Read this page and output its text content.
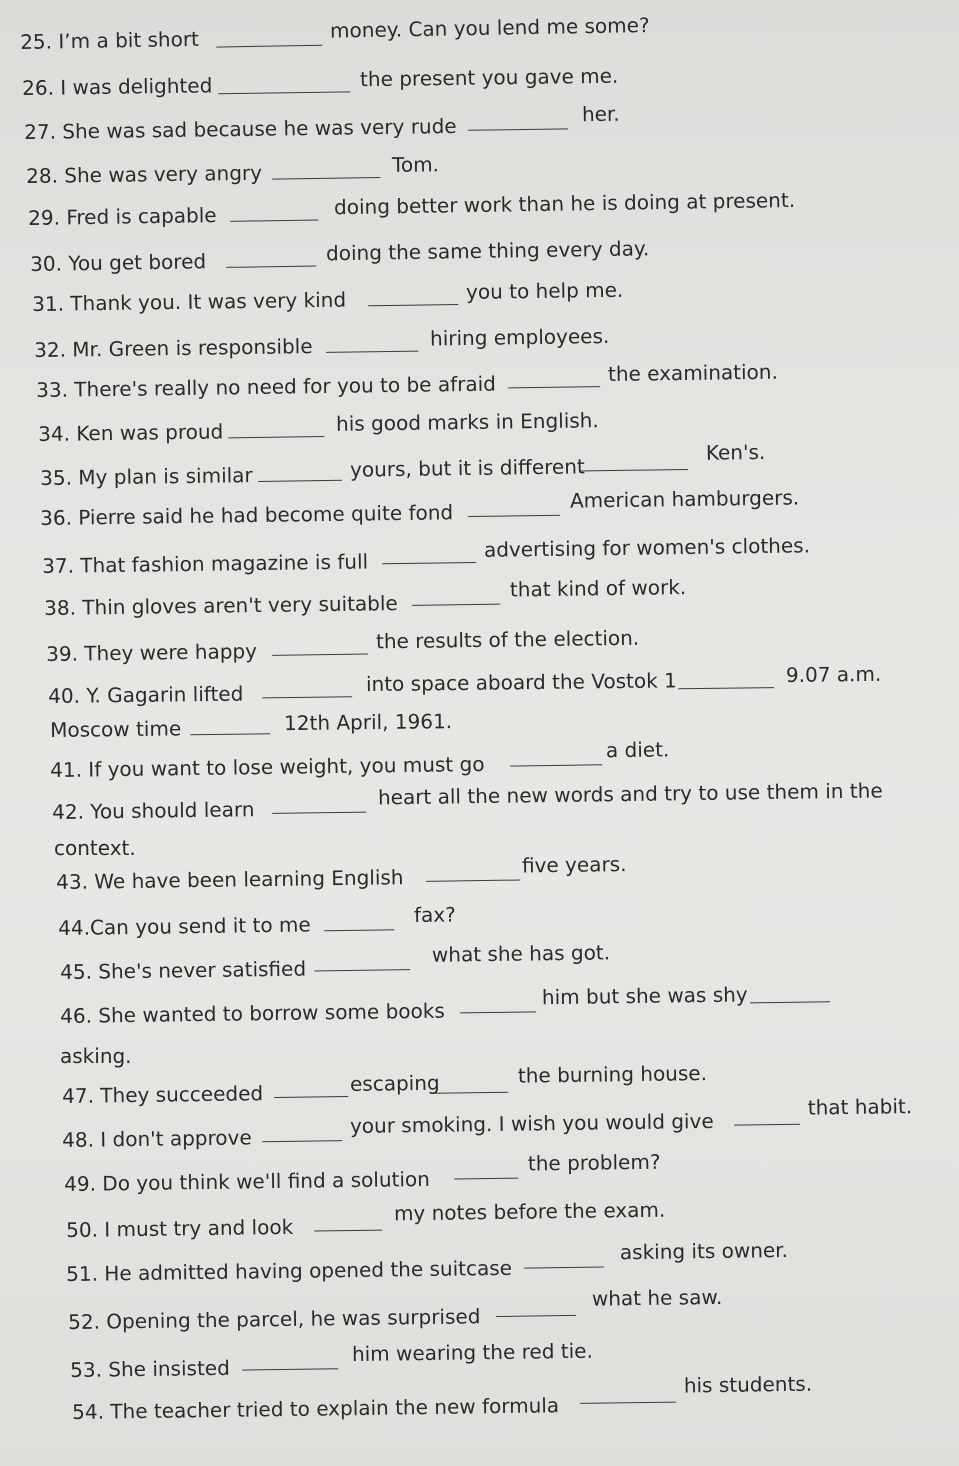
25. I’m a bit short	money. Can you lend me some?
26. I was delighted	the present you gave me.
27. She was sad because he was very rude
her.
28. She was very angry	Tom.
29. Fred is capable	doing better work than he is doing at present.
30. You get bored	doing the same thing every day.
31. Thank you. It was very kind	you to help me.
32. Mr. Green is responsible	hiring employees.
33. There's really no need for you to be afraid	the examination.
34. Ken was proud	his good marks in English.
35. My plan is similar	yours, but it is different
Ken's.
36. Pierre said he had become quite fond
American hamburgers.
37. That fashion magazine is full
advertising for women's clothes.
38. Thin gloves aren't very suitable
that kind of work.
39. They were happy	the results of the election.
40. Y. Gagarin lifted	into space aboard the Vostok 1	9.07 a.m.
Moscow time	12th April, 1961.
41. If you want to lose weight, you must go
a diet.
42. You should learn
heart all the new words and try to use them in the
context.
43. We have been learning English
five years.
44.Can you send it to me	fax?
45. She's never satisfied
what she has got.
46. She wanted to borrow some books
him but she was shy
asking.
47. They succeeded	escaping	the burning house.
48. I don't approve
your smoking. I wish you would give
that habit.
49. Do you think we'll find a solution
the problem?
50. I must try and look
my notes before the exam.
51. He admitted having opened the suitcase
asking its owner.
52. Opening the parcel, he was surprised
what he saw.
53. She insisted
him wearing the red tie.
54. The teacher tried to explain the new formula
his students.
